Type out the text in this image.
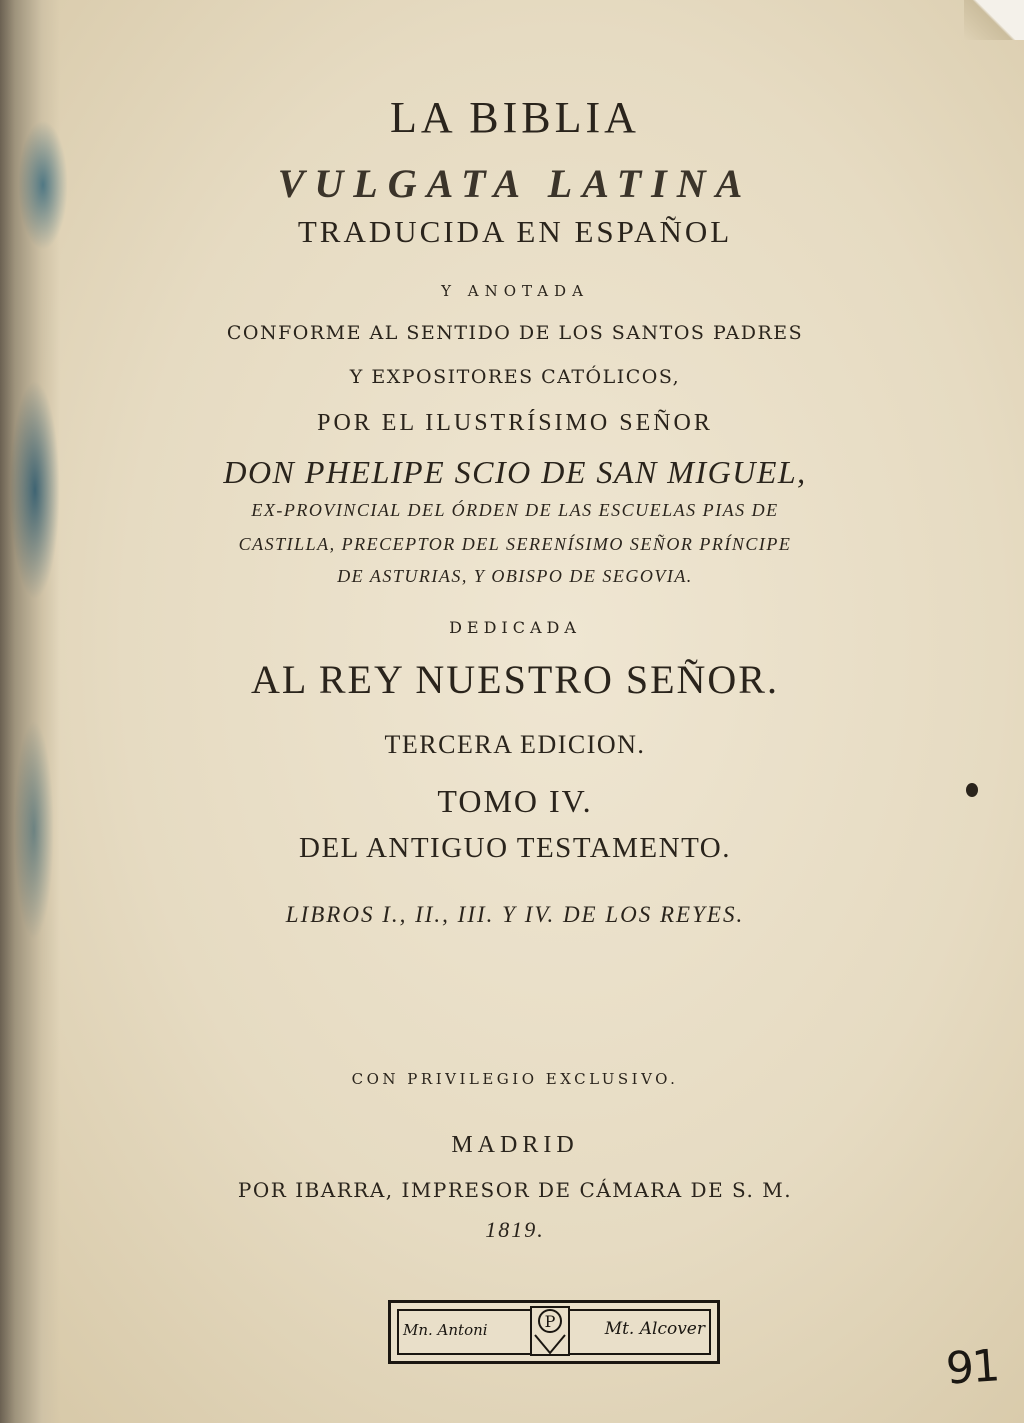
LA BIBLIA
VULGATA LATINA
TRADUCIDA EN ESPAÑOL
Y ANOTADA
CONFORME AL SENTIDO DE LOS SANTOS PADRES
Y EXPOSITORES CATÓLICOS,
POR EL ILUSTRÍSIMO SEÑOR
DON PHELIPE SCIO DE SAN MIGUEL,
EX-PROVINCIAL DEL ÓRDEN DE LAS ESCUELAS PIAS DE
CASTILLA, PRECEPTOR DEL SERENÍSIMO SEÑOR PRÍNCIPE
DE ASTURIAS, Y OBISPO DE SEGOVIA.
DEDICADA
AL REY NUESTRO SEÑOR.
TERCERA EDICION.
TOMO IV.
DEL ANTIGUO TESTAMENTO.
LIBROS I., II., III. Y IV. DE LOS REYES.
CON PRIVILEGIO EXCLUSIVO.
MADRID
POR IBARRA, IMPRESOR DE CÁMARA DE S. M.
1819.
Mn. Antoni	P	Mt. Alcover
91
